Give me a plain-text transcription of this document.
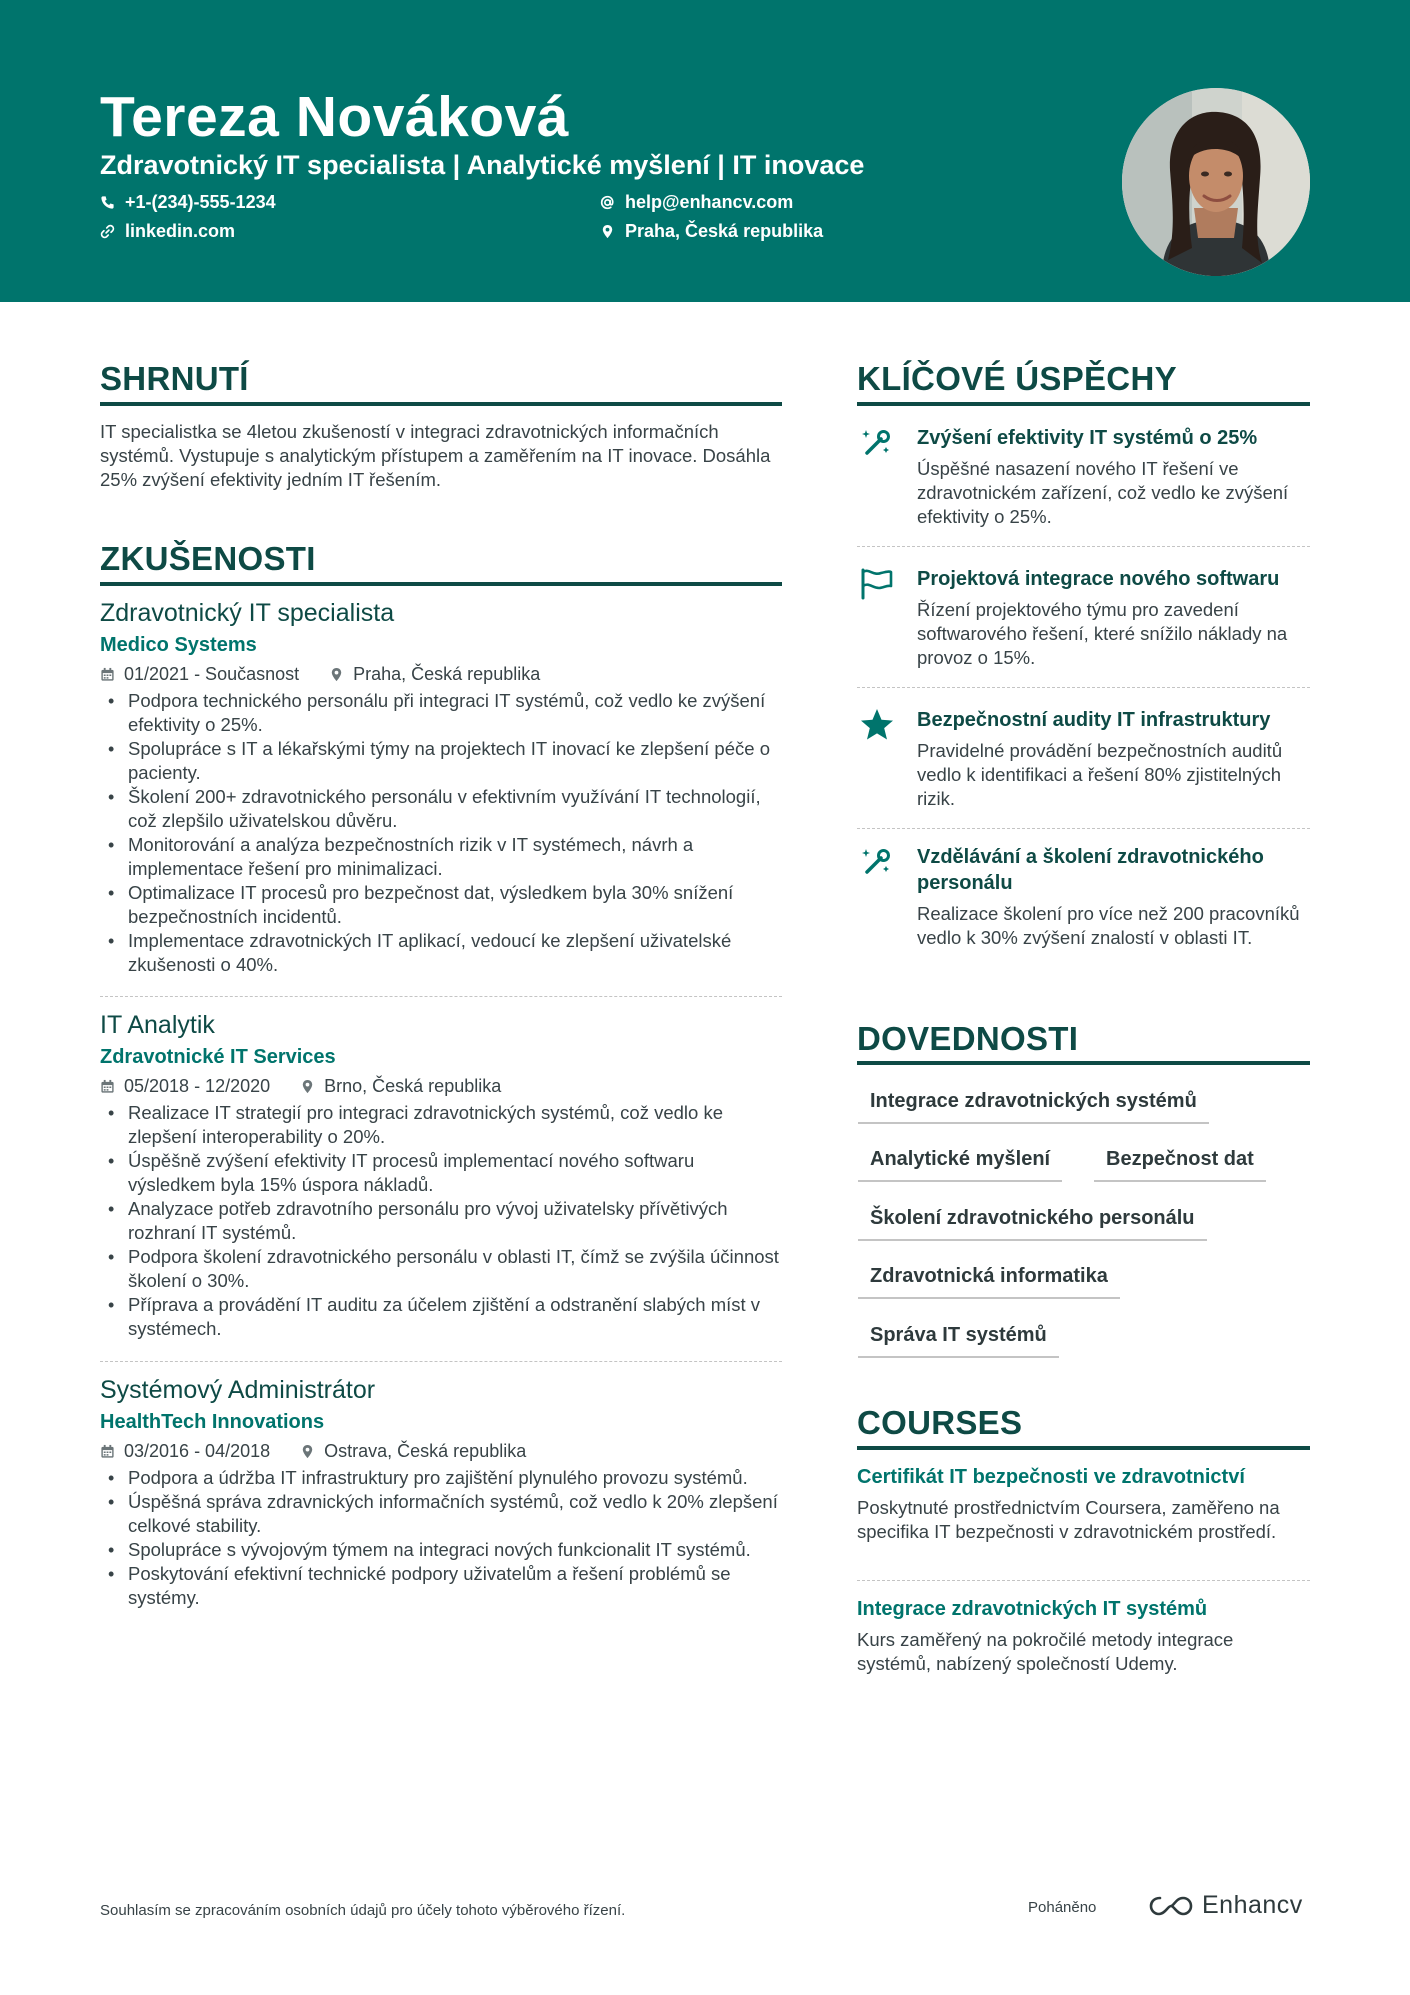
Tereza Nováková
Zdravotnický IT specialista | Analytické myšlení | IT inovace
+1-(234)-555-1234	help@enhancv.com
linkedin.com	Praha, Česká republika
SHRNUTÍ
IT specialistka se 4letou zkušeností v integraci zdravotnických informačních systémů. Vystupuje s analytickým přístupem a zaměřením na IT inovace. Dosáhla 25% zvýšení efektivity jedním IT řešením.
ZKUŠENOSTI
Zdravotnický IT specialista
Medico Systems
01/2021 - Současnost	Praha, Česká republika
• Podpora technického personálu při integraci IT systémů, což vedlo ke zvýšení efektivity o 25%.
• Spolupráce s IT a lékařskými týmy na projektech IT inovací ke zlepšení péče o pacienty.
• Školení 200+ zdravotnického personálu v efektivním využívání IT technologií, což zlepšilo uživatelskou důvěru.
• Monitorování a analýza bezpečnostních rizik v IT systémech, návrh a implementace řešení pro minimalizaci.
• Optimalizace IT procesů pro bezpečnost dat, výsledkem byla 30% snížení bezpečnostních incidentů.
• Implementace zdravotnických IT aplikací, vedoucí ke zlepšení uživatelské zkušenosti o 40%.
IT Analytik
Zdravotnické IT Services
05/2018 - 12/2020	Brno, Česká republika
• Realizace IT strategií pro integraci zdravotnických systémů, což vedlo ke zlepšení interoperability o 20%.
• Úspěšně zvýšení efektivity IT procesů implementací nového softwaru výsledkem byla 15% úspora nákladů.
• Analyzace potřeb zdravotního personálu pro vývoj uživatelsky přívětivých rozhraní IT systémů.
• Podpora školení zdravotnického personálu v oblasti IT, čímž se zvýšila účinnost školení o 30%.
• Příprava a provádění IT auditu za účelem zjištění a odstranění slabých míst v systémech.
Systémový Administrátor
HealthTech Innovations
03/2016 - 04/2018	Ostrava, Česká republika
• Podpora a údržba IT infrastruktury pro zajištění plynulého provozu systémů.
• Úspěšná správa zdravnických informačních systémů, což vedlo k 20% zlepšení celkové stability.
• Spolupráce s vývojovým týmem na integraci nových funkcionalit IT systémů.
• Poskytování efektivní technické podpory uživatelům a řešení problémů se systémy.
KLÍČOVÉ ÚSPĚCHY
Zvýšení efektivity IT systémů o 25%
Úspěšné nasazení nového IT řešení ve zdravotnickém zařízení, což vedlo ke zvýšení efektivity o 25%.
Projektová integrace nového softwaru
Řízení projektového týmu pro zavedení softwarového řešení, které snížilo náklady na provoz o 15%.
Bezpečnostní audity IT infrastruktury
Pravidelné provádění bezpečnostních auditů vedlo k identifikaci a řešení 80% zjistitelných rizik.
Vzdělávání a školení zdravotnického personálu
Realizace školení pro více než 200 pracovníků vedlo k 30% zvýšení znalostí v oblasti IT.
DOVEDNOSTI
Integrace zdravotnických systémů
Analytické myšlení	Bezpečnost dat
Školení zdravotnického personálu
Zdravotnická informatika
Správa IT systémů
COURSES
Certifikát IT bezpečnosti ve zdravotnictví
Poskytnuté prostřednictvím Coursera, zaměřeno na specifika IT bezpečnosti v zdravotnickém prostředí.
Integrace zdravotnických IT systémů
Kurs zaměřený na pokročilé metody integrace systémů, nabízený společností Udemy.
Souhlasím se zpracováním osobních údajů pro účely tohoto výběrového řízení.	Poháněno	Enhancv
